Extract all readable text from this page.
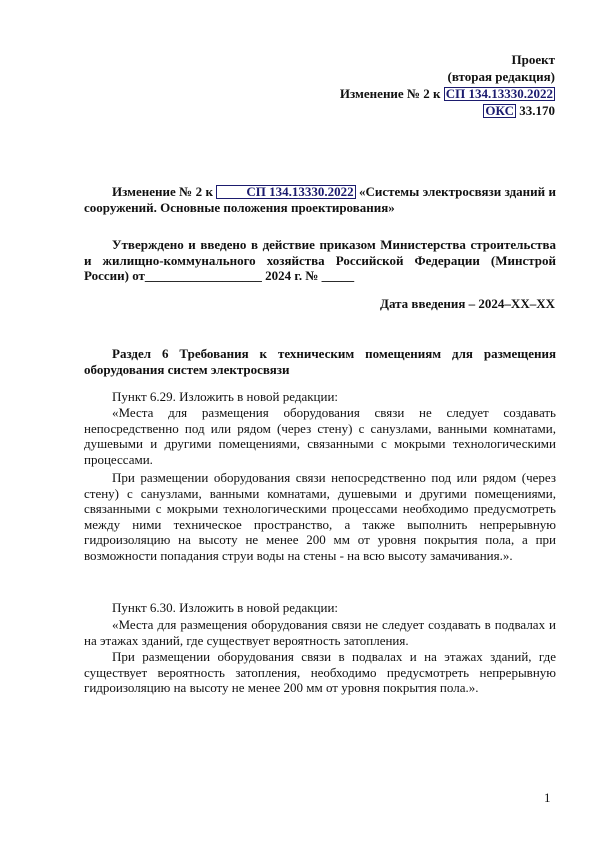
Проект
(вторая редакция)
Изменение № 2 к СП 134.13330.2022
ОКС 33.170
Изменение № 2 к	СП 134.13330.2022 «Системы электросвязи зданий и сооружений. Основные положения проектирования»
Утверждено и введено в действие приказом Министерства строительства и жилищно-коммунального хозяйства Российской Федерации (Минстрой России) от__________________ 2024 г. № _____
Дата введения – 2024–XX–XX
Раздел 6 Требования к техническим помещениям для размещения оборудования систем электросвязи
Пункт 6.29. Изложить в новой редакции:
«Места для размещения оборудования связи не следует создавать непосредственно под или рядом (через стену) с санузлами, ванными комнатами, душевыми и другими помещениями, связанными с мокрыми технологическими процессами.
При размещении оборудования связи непосредственно под или рядом (через стену) с санузлами, ванными комнатами, душевыми и другими помещениями, связанными с мокрыми технологическими процессами необходимо предусмотреть между ними техническое пространство, а также выполнить непрерывную гидроизоляцию на высоту не менее 200 мм от уровня покрытия пола, а при возможности попадания струи воды на стены - на всю высоту замачивания.».
Пункт 6.30. Изложить в новой редакции:
«Места для размещения оборудования связи не следует создавать в подвалах и на этажах зданий, где существует вероятность затопления.
При размещении оборудования связи в подвалах и на этажах зданий, где существует вероятность затопления, необходимо предусмотреть непрерывную гидроизоляцию на высоту не менее 200 мм от уровня покрытия пола.».
1
